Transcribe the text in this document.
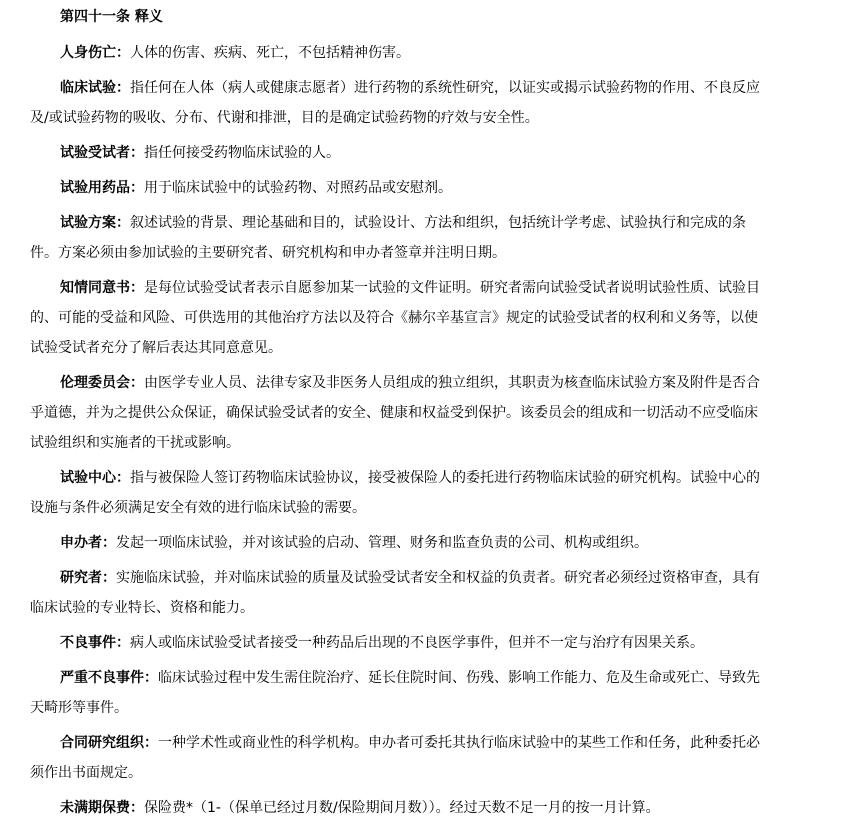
第四十一条 释义
人身伤亡：人体的伤害、疾病、死亡，不包括精神伤害。
临床试验：指任何在人体（病人或健康志愿者）进行药物的系统性研究，以证实或揭示试验药物的作用、不良反应及/或试验药物的吸收、分布、代谢和排泄，目的是确定试验药物的疗效与安全性。
试验受试者：指任何接受药物临床试验的人。
试验用药品：用于临床试验中的试验药物、对照药品或安慰剂。
试验方案：叙述试验的背景、理论基础和目的，试验设计、方法和组织，包括统计学考虑、试验执行和完成的条件。方案必须由参加试验的主要研究者、研究机构和申办者签章并注明日期。
知情同意书：是每位试验受试者表示自愿参加某一试验的文件证明。研究者需向试验受试者说明试验性质、试验目的、可能的受益和风险、可供选用的其他治疗方法以及符合《赫尔辛基宣言》规定的试验受试者的权利和义务等，以使试验受试者充分了解后表达其同意意见。
伦理委员会：由医学专业人员、法律专家及非医务人员组成的独立组织，其职责为核查临床试验方案及附件是否合乎道德，并为之提供公众保证，确保试验受试者的安全、健康和权益受到保护。该委员会的组成和一切活动不应受临床试验组织和实施者的干扰或影响。
试验中心：指与被保险人签订药物临床试验协议，接受被保险人的委托进行药物临床试验的研究机构。试验中心的设施与条件必须满足安全有效的进行临床试验的需要。
申办者：发起一项临床试验，并对该试验的启动、管理、财务和监查负责的公司、机构或组织。
研究者：实施临床试验，并对临床试验的质量及试验受试者安全和权益的负责者。研究者必须经过资格审查，具有临床试验的专业特长、资格和能力。
不良事件：病人或临床试验受试者接受一种药品后出现的不良医学事件，但并不一定与治疗有因果关系。
严重不良事件：临床试验过程中发生需住院治疗、延长住院时间、伤残、影响工作能力、危及生命或死亡、导致先天畸形等事件。
合同研究组织：一种学术性或商业性的科学机构。申办者可委托其执行临床试验中的某些工作和任务，此种委托必须作出书面规定。
未满期保费：保险费*（1-（保单已经过月数/保险期间月数））。经过天数不足一月的按一月计算。
